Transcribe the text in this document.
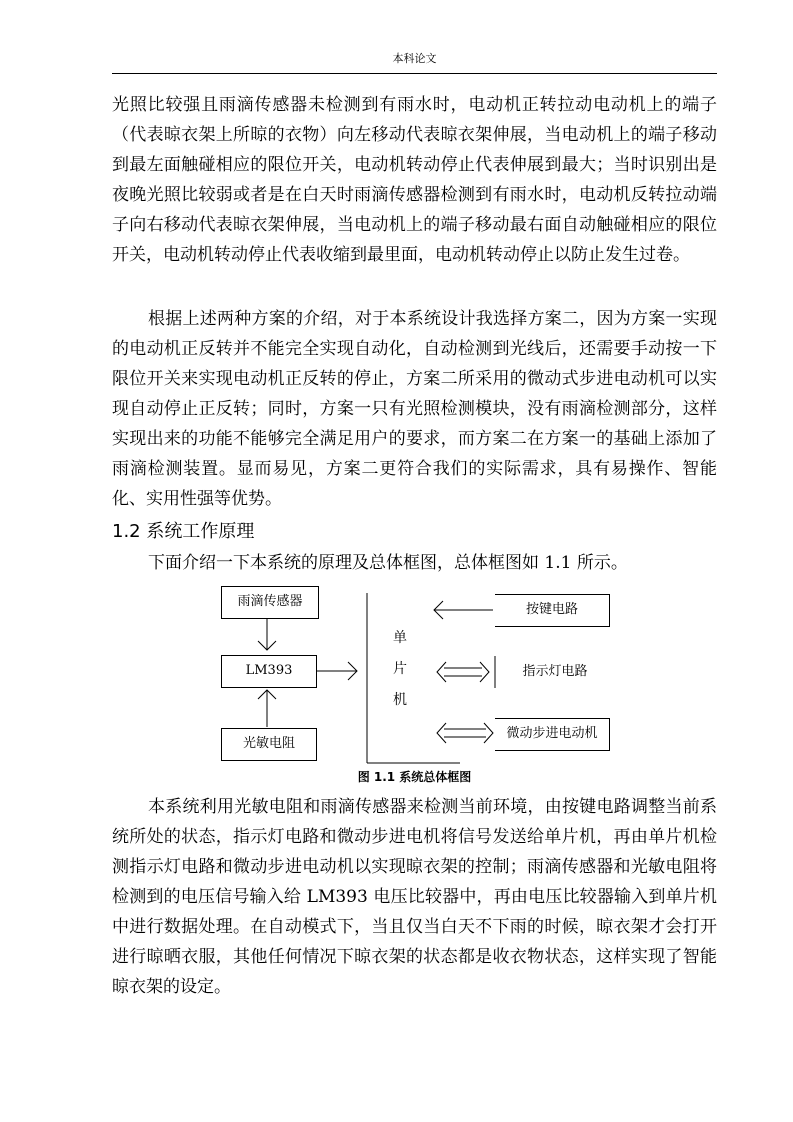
本科论文
光照比较强且雨滴传感器未检测到有雨水时，电动机正转拉动电动机上的端子（代表晾衣架上所晾的衣物）向左移动代表晾衣架伸展，当电动机上的端子移动到最左面触碰相应的限位开关，电动机转动停止代表伸展到最大；当时识别出是夜晚光照比较弱或者是在白天时雨滴传感器检测到有雨水时，电动机反转拉动端子向右移动代表晾衣架伸展，当电动机上的端子移动最右面自动触碰相应的限位开关，电动机转动停止代表收缩到最里面，电动机转动停止以防止发生过卷。
根据上述两种方案的介绍，对于本系统设计我选择方案二，因为方案一实现的电动机正反转并不能完全实现自动化，自动检测到光线后，还需要手动按一下限位开关来实现电动机正反转的停止，方案二所采用的微动式步进电动机可以实现自动停止正反转；同时，方案一只有光照检测模块，没有雨滴检测部分，这样实现出来的功能不能够完全满足用户的要求，而方案二在方案一的基础上添加了雨滴检测装置。显而易见，方案二更符合我们的实际需求，具有易操作、智能化、实用性强等优势。
1.2 系统工作原理
下面介绍一下本系统的原理及总体框图，总体框图如 1.1 所示。
雨滴传感器
LM393
光敏电阻
按键电路
指示灯电路
微动步进电动机
单
片
机
图 1.1 系统总体框图
本系统利用光敏电阻和雨滴传感器来检测当前环境，由按键电路调整当前系统所处的状态，指示灯电路和微动步进电机将信号发送给单片机，再由单片机检测指示灯电路和微动步进电动机以实现晾衣架的控制；雨滴传感器和光敏电阻将检测到的电压信号输入给 LM393 电压比较器中，再由电压比较器输入到单片机中进行数据处理。在自动模式下，当且仅当白天不下雨的时候，晾衣架才会打开进行晾晒衣服，其他任何情况下晾衣架的状态都是收衣物状态，这样实现了智能晾衣架的设定。
